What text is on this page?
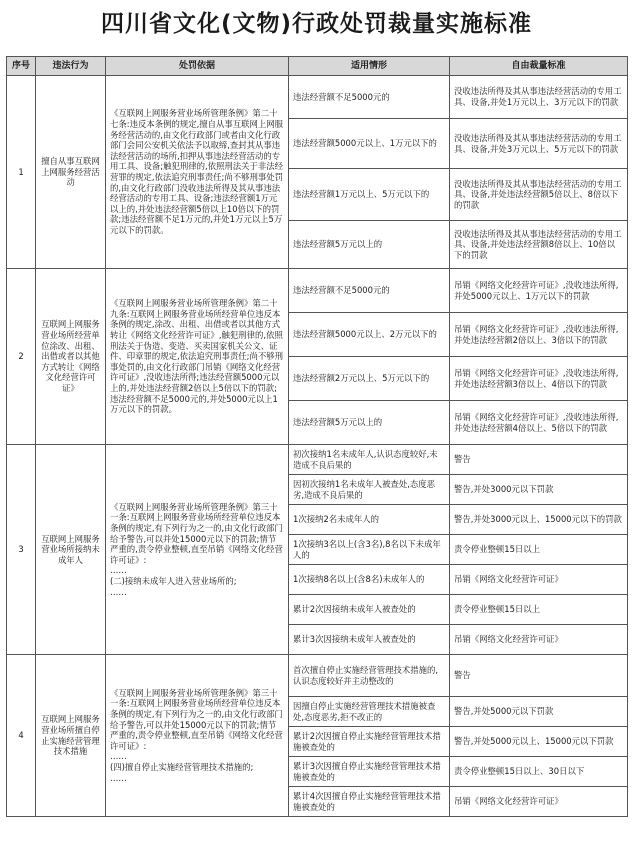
四川省文化(文物)行政处罚裁量实施标准
序号	违法行为	处罚依据	适用情形	自由裁量标准
1	擅自从事互联网上网服务经营活动	《互联网上网服务营业场所管理条例》第二十七条:违反本条例的规定,擅自从事互联网上网服务经营活动的,由文化行政部门或者由文化行政部门会同公安机关依法予以取缔,查封其从事违法经营活动的场所,扣押从事违法经营活动的专用工具、设备;触犯刑律的,依照刑法关于非法经营罪的规定,依法追究刑事责任;尚不够刑事处罚的,由文化行政部门没收违法所得及其从事违法经营活动的专用工具、设备;违法经营额1万元以上的,并处违法经营额5倍以上10倍以下的罚款;违法经营额不足1万元的,并处1万元以上5万元以下的罚款。	违法经营额不足5000元的	没收违法所得及其从事违法经营活动的专用工具、设备,并处1万元以上、3万元以下的罚款
			违法经营额5000元以上、1万元以下的	没收违法所得及其从事违法经营活动的专用工具、设备,并处3万元以上、5万元以下的罚款
			违法经营额1万元以上、5万元以下的	没收违法所得及其从事违法经营活动的专用工具、设备,并处违法经营额5倍以上、8倍以下的罚款
			违法经营额5万元以上的	没收违法所得及其从事违法经营活动的专用工具、设备,并处违法经营额8倍以上、10倍以下的罚款
2	互联网上网服务营业场所经营单位涂改、出租、出借或者以其他方式转让《网络文化经营许可证》	《互联网上网服务营业场所管理条例》第二十九条:互联网上网服务营业场所经营单位违反本条例的规定,涂改、出租、出借或者以其他方式转让《网络文化经营许可证》,触犯刑律的,依照刑法关于伪造、变造、买卖国家机关公文、证件、印章罪的规定,依法追究刑事责任;尚不够刑事处罚的,由文化行政部门吊销《网络文化经营许可证》,没收违法所得;违法经营额5000元以上的,并处违法经营额2倍以上5倍以下的罚款;违法经营额不足5000元的,并处5000元以上1万元以下的罚款。	违法经营额不足5000元的	吊销《网络文化经营许可证》,没收违法所得,并处5000元以上、1万元以下的罚款
			违法经营额5000元以上、2万元以下的	吊销《网络文化经营许可证》,没收违法所得,并处违法经营额2倍以上、3倍以下的罚款
			违法经营额2万元以上、5万元以下的	吊销《网络文化经营许可证》,没收违法所得,并处违法经营额3倍以上、4倍以下的罚款
			违法经营额5万元以上的	吊销《网络文化经营许可证》,没收违法所得,并处违法经营额4倍以上、5倍以下的罚款
3	互联网上网服务营业场所接纳未成年人	《互联网上网服务营业场所管理条例》第三十一条:互联网上网服务营业场所经营单位违反本条例的规定,有下列行为之一的,由文化行政部门给予警告,可以并处15000元以下的罚款;情节严重的,责令停业整顿,直至吊销《网络文化经营许可证》:
……
(二)接纳未成年人进入营业场所的;
……	初次接纳1名未成年人,认识态度较好,未造成不良后果的	警告
			因初次接纳1名未成年人被查处,态度恶劣,造成不良后果的	警告,并处3000元以下罚款
			1次接纳2名未成年人的	警告,并处3000元以上、15000元以下的罚款
			1次接纳3名以上(含3名),8名以下未成年人的	责令停业整顿15日以上
			1次接纳8名以上(含8名)未成年人的	吊销《网络文化经营许可证》
			累计2次因接纳未成年人被查处的	责令停业整顿15日以上
			累计3次因接纳未成年人被查处的	吊销《网络文化经营许可证》
4	互联网上网服务营业场所擅自停止实施经营管理技术措施	《互联网上网服务营业场所管理条例》第三十一条:互联网上网服务营业场所经营单位违反本条例的规定,有下列行为之一的,由文化行政部门给予警告,可以并处15000元以下的罚款;情节严重的,责令停业整顿,直至吊销《网络文化经营许可证》:
……
(四)擅自停止实施经营管理技术措施的;
……	首次擅自停止实施经营管理技术措施的,认识态度较好并主动整改的	警告
			因擅自停止实施经营管理技术措施被查处,态度恶劣,拒不改正的	警告,并处5000元以下罚款
			累计2次因擅自停止实施经营管理技术措施被查处的	警告,并处5000元以上、15000元以下罚款
			累计3次因擅自停止实施经营管理技术措施被查处的	责令停业整顿15日以上、30日以下
			累计4次因擅自停止实施经营管理技术措施被查处的	吊销《网络文化经营许可证》
